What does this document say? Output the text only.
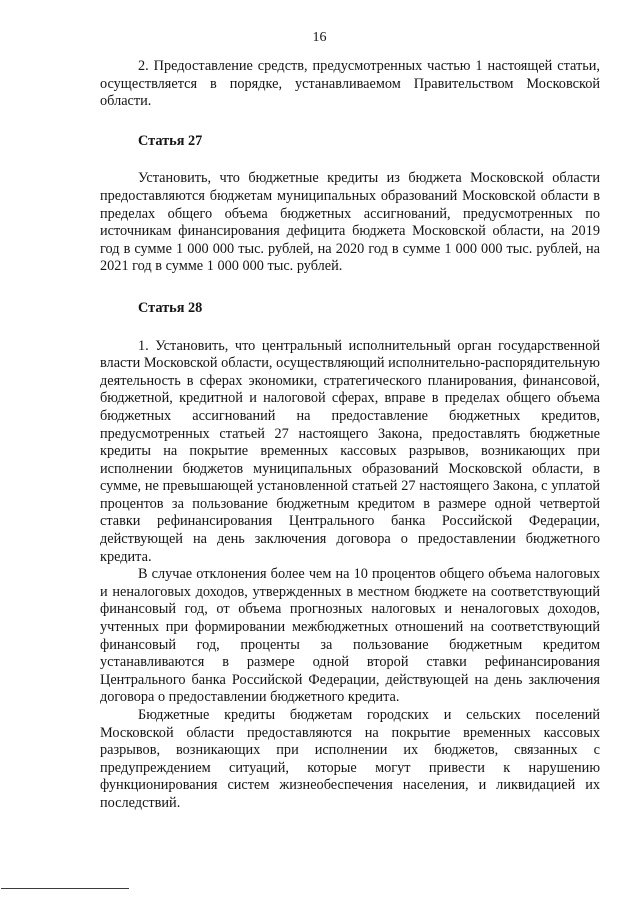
16

2. Предоставление средств, предусмотренных частью 1 настоящей статьи, осуществляется в порядке, устанавливаемом Правительством Московской области.

Статья 27

Установить, что бюджетные кредиты из бюджета Московской области предоставляются бюджетам муниципальных образований Московской области в пределах общего объема бюджетных ассигнований, предусмотренных по источникам финансирования дефицита бюджета Московской области, на 2019 год в сумме 1 000 000 тыс. рублей, на 2020 год в сумме 1 000 000 тыс. рублей, на 2021 год в сумме 1 000 000 тыс. рублей.

Статья 28

1. Установить, что центральный исполнительный орган государственной власти Московской области, осуществляющий исполнительно-распорядительную деятельность в сферах экономики, стратегического планирования, финансовой, бюджетной, кредитной и налоговой сферах, вправе в пределах общего объема бюджетных ассигнований на предоставление бюджетных кредитов, предусмотренных статьей 27 настоящего Закона, предоставлять бюджетные кредиты на покрытие временных кассовых разрывов, возникающих при исполнении бюджетов муниципальных образований Московской области, в сумме, не превышающей установленной статьей 27 настоящего Закона, с уплатой процентов за пользование бюджетным кредитом в размере одной четвертой ставки рефинансирования Центрального банка Российской Федерации, действующей на день заключения договора о предоставлении бюджетного кредита.

В случае отклонения более чем на 10 процентов общего объема налоговых и неналоговых доходов, утвержденных в местном бюджете на соответствующий финансовый год, от объема прогнозных налоговых и неналоговых доходов, учтенных при формировании межбюджетных отношений на соответствующий финансовый год, проценты за пользование бюджетным кредитом устанавливаются в размере одной второй ставки рефинансирования Центрального банка Российской Федерации, действующей на день заключения договора о предоставлении бюджетного кредита.

Бюджетные кредиты бюджетам городских и сельских поселений Московской области предоставляются на покрытие временных кассовых разрывов, возникающих при исполнении их бюджетов, связанных с предупреждением ситуаций, которые могут привести к нарушению функционирования систем жизнеобеспечения населения, и ликвидацией их последствий.
